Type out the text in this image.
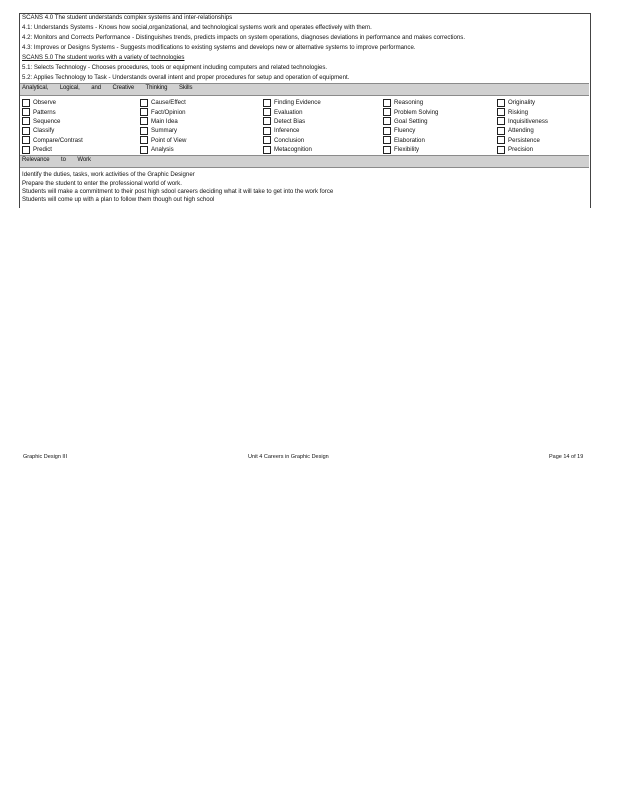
SCANS 4.0 The student understands complex systems and inter-relationships
4.1: Understands Systems - Knows how social,organizational, and technological systems work and operates effectively with them.
4.2: Monitors and Corrects Performance - Distinguishes trends, predicts impacts on system operations, diagnoses deviations in performance and makes corrections.
4.3: Improves or Designs Systems - Suggests modifications to existing systems and develops new or alternative systems to improve performance.
SCANS 5.0 The student works with a variety of technologies
5.1: Selects Technology - Chooses procedures, tools or equipment including computers and related technologies.
5.2: Applies Technology to Task - Understands overall intent and proper procedures for setup and operation of equipment.
Analytical, Logical, and Creative Thinking Skills
Observe
Patterns
Sequence
Classify
Compare/Contrast
Predict
Cause/Effect
Fact/Opinion
Main Idea
Summary
Point of View
Analysis
Finding Evidence
Evaluation
Detect Bias
Inference
Conclusion
Metacognition
Reasoning
Problem Solving
Goal Setting
Fluency
Elaboration
Flexibility
Originality
Risking
Inquisitiveness
Attending
Persistence
Precision
Relevance to Work
Identify the duties, tasks, work activities of the Graphic Designer
Prepare the student to enter the professional world of work.
Students will make a commitment to their post high sdool careers deciding what it will take to get into the work force
Students will come up with a plan to follow them though out high school
Graphic Design III	Unit 4 Careers in Graphic Design	Page 14 of 19
